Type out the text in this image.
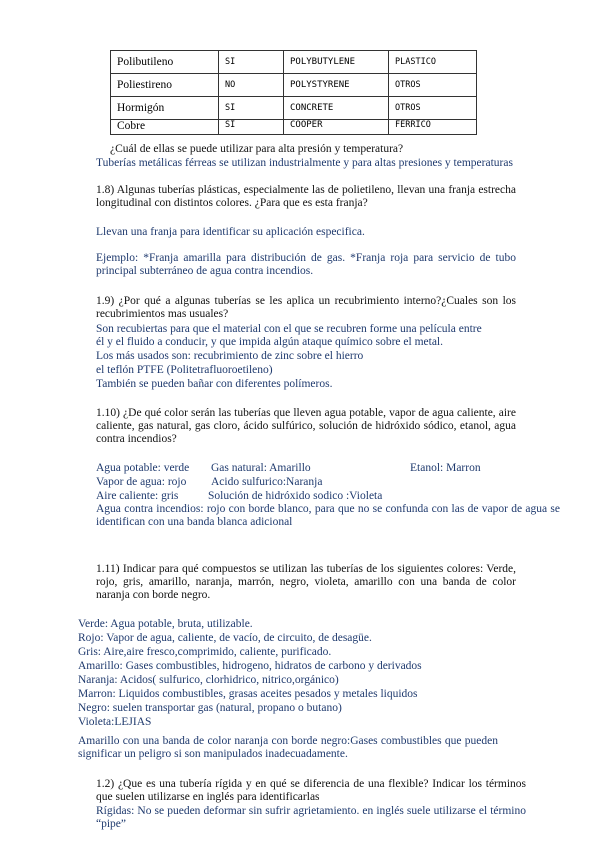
Polibutileno	SI	POLYBUTYLENE	PLASTICO
Poliestireno	NO	POLYSTYRENE	OTROS
Hormigón	SI	CONCRETE	OTROS
Cobre	SI	COOPER	FERRICO
¿Cuál de ellas se puede utilizar para alta presión y temperatura?
Tuberías metálicas férreas se utilizan industrialmente y para altas presiones y temperaturas
1.8) Algunas tuberías plásticas, especialmente las de polietileno, llevan una franja estrecha longitudinal con distintos colores. ¿Para que es esta franja?
Llevan una franja para identificar su aplicación especifica.
Ejemplo: *Franja amarilla para distribución de gas. *Franja roja para servicio de tubo principal subterráneo de agua contra incendios.
1.9) ¿Por qué a algunas tuberías se les aplica un recubrimiento interno?¿Cuales son los recubrimientos mas usuales?
Son recubiertas para que el material con el que se recubren forme una película entre
él y el fluido a conducir, y que impida algún ataque químico sobre el metal.
Los más usados son: recubrimiento de zinc sobre el hierro
el teflón PTFE (Politetrafluoroetileno)
También se pueden bañar con diferentes polímeros.
1.10) ¿De qué color serán las tuberías que lleven agua potable, vapor de agua caliente, aire caliente, gas natural, gas cloro, ácido sulfúrico, solución de hidróxido sódico, etanol, agua contra incendios?
Agua potable: verde Gas natural: Amarillo	Etanol: Marron
Vapor de agua: rojo Acido sulfurico:Naranja
Aire caliente: gris	Solución de hidróxido sodico :Violeta
Agua contra incendios: rojo con borde blanco, para que no se confunda con las de vapor de agua se identifican con una banda blanca adicional
1.11) Indicar para qué compuestos se utilizan las tuberías de los siguientes colores: Verde, rojo, gris, amarillo, naranja, marrón, negro, violeta, amarillo con una banda de color naranja con borde negro.
Verde: Agua potable, bruta, utilizable.
Rojo: Vapor de agua, caliente, de vacío, de circuito, de desagüe.
Gris: Aire,aire fresco,comprimido, caliente, purificado.
Amarillo: Gases combustibles, hidrogeno, hidratos de carbono y derivados
Naranja: Acidos( sulfurico, clorhidrico, nitrico,orgánico)
Marron: Liquidos combustibles, grasas aceites pesados y metales liquidos
Negro: suelen transportar gas (natural, propano o butano)
Violeta:LEJIAS
Amarillo con una banda de color naranja con borde negro:Gases combustibles que pueden significar un peligro si son manipulados inadecuadamente.
1.2) ¿Que es una tubería rígida y en qué se diferencia de una flexible? Indicar los términos que suelen utilizarse en inglés para identificarlas
Rígidas: No se pueden deformar sin sufrir agrietamiento. en inglés suele utilizarse el término “pipe”
